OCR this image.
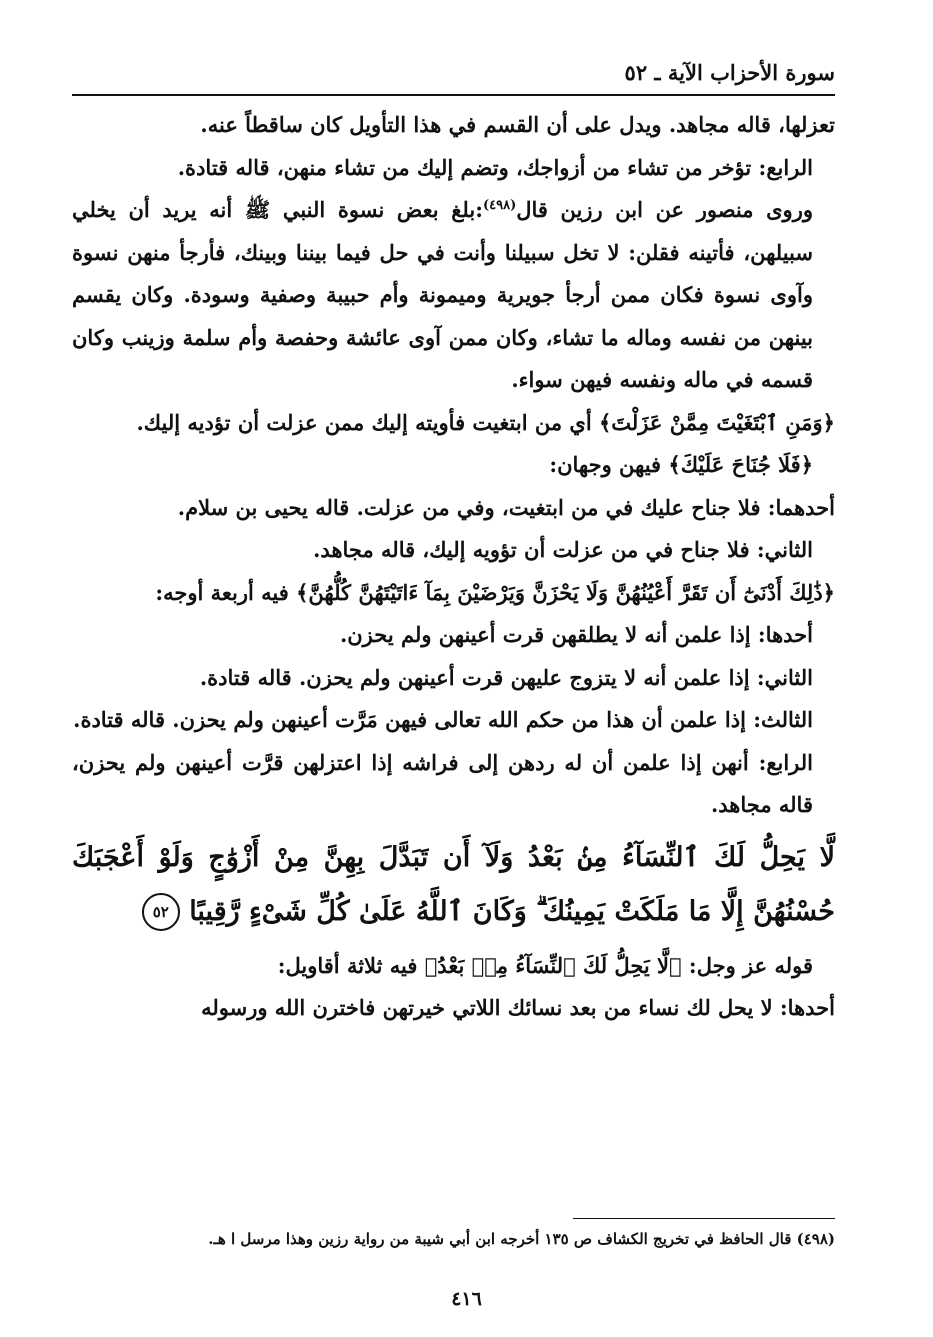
سورة الأحزاب الآية ـ ٥٢

تعزلها، قاله مجاهد. ويدل على أن القسم في هذا التأويل كان ساقطاً عنه.

الرابع: تؤخر من تشاء من أزواجك، وتضم إليك من تشاء منهن، قاله قتادة.

وروى منصور عن ابن رزين قال$^{(٤٩٨)}$:بلغ بعض نسوة النبي ﷺ أنه يريد أن يخلي سبيلهن، فأتينه فقلن: لا تخل سبيلنا وأنت في حل فيما بيننا وبينك، فأرجأ منهن نسوة وآوى نسوة فكان ممن أرجأ جويرية وميمونة وأم حبيبة وصفية وسودة. وكان يقسم بينهن من نفسه وماله ما تشاء، وكان ممن آوى عائشة وحفصة وأم سلمة وزينب وكان قسمه في ماله ونفسه فيهن سواء.

﴿وَمَنِ ٱبْتَغَيْتَ مِمَّنْ عَزَلْتَ﴾ أي من ابتغيت فأويته إليك ممن عزلت أن تؤديه إليك.

﴿فَلَا جُنَاحَ عَلَيْكَ﴾ فيهن وجهان:

أحدهما: فلا جناح عليك في من ابتغيت، وفي من عزلت. قاله يحيى بن سلام.

الثاني: فلا جناح في من عزلت أن تؤويه إليك، قاله مجاهد.

﴿ذَٰلِكَ أَدْنَىٰٓ أَن تَقَرَّ أَعْيُنُهُنَّ وَلَا يَحْزَنَّ وَيَرْضَيْنَ بِمَآ ءَاتَيْتَهُنَّ كُلُّهُنَّ﴾ فيه أربعة أوجه:

أحدها: إذا علمن أنه لا يطلقهن قرت أعينهن ولم يحزن.

الثاني: إذا علمن أنه لا يتزوج عليهن قرت أعينهن ولم يحزن. قاله قتادة.

الثالث: إذا علمن أن هذا من حكم الله تعالى فيهن مَرَّت أعينهن ولم يحزن. قاله قتادة.

الرابع: أنهن إذا علمن أن له ردهن إلى فراشه إذا اعتزلهن قرَّت أعينهن ولم يحزن، قاله مجاهد.

لَّا يَحِلُّ لَكَ ٱلنِّسَآءُ مِنۢ بَعْدُ وَلَآ أَن تَبَدَّلَ بِهِنَّ مِنْ أَزْوَٰجٍ وَلَوْ أَعْجَبَكَ حُسْنُهُنَّ إِلَّا مَا مَلَكَتْ يَمِينُكَ ۗ وَكَانَ ٱللَّهُ عَلَىٰ كُلِّ شَىْءٍ رَّقِيبًا ٥٢

قوله عز وجل: ﴿لَّا يَحِلُّ لَكَ ٱلنِّسَآءُ مِنۢ بَعْدُ﴾ فيه ثلاثة أقاويل:

أحدها: لا يحل لك نساء من بعد نسائك اللاتي خيرتهن فاخترن الله ورسوله

(٤٩٨) قال الحافظ في تخريج الكشاف ص ١٣٥ أخرجه ابن أبي شيبة من رواية رزين وهذا مرسل ا هـ.
٤١٦
